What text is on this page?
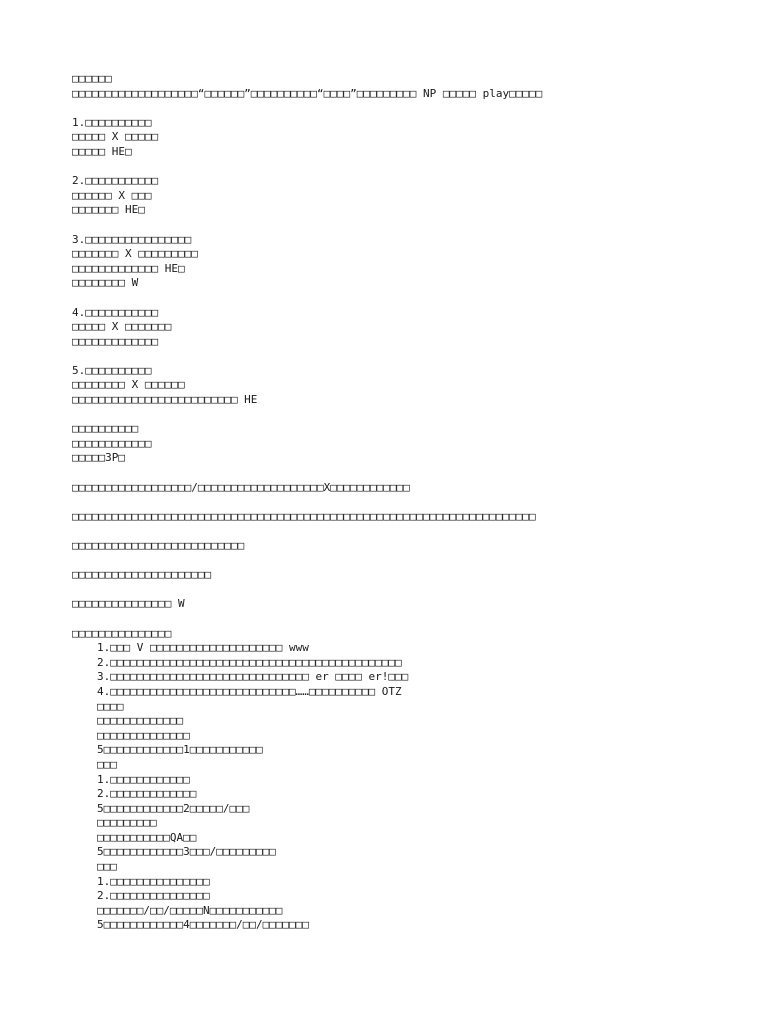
□□□□□□
□□□□□□□□□□□□□□□□□□□“□□□□□□”□□□□□□□□□□“□□□□”□□□□□□□□□ NP □□□□□ play□□□□□
1.□□□□□□□□□□
□□□□□ X □□□□□
□□□□□ HE□
2.□□□□□□□□□□□
□□□□□□ X □□□
□□□□□□□ HE□
3.□□□□□□□□□□□□□□□□
□□□□□□□ X □□□□□□□□□
□□□□□□□□□□□□□ HE□
□□□□□□□□ W
4.□□□□□□□□□□□
□□□□□ X □□□□□□□
□□□□□□□□□□□□□
5.□□□□□□□□□□
□□□□□□□□ X □□□□□□
□□□□□□□□□□□□□□□□□□□□□□□□□ HE
□□□□□□□□□□
□□□□□□□□□□□□
□□□□□3P□
□□□□□□□□□□□□□□□□□□/□□□□□□□□□□□□□□□□□□□X□□□□□□□□□□□□
□□□□□□□□□□□□□□□□□□□□□□□□□□□□□□□□□□□□□□□□□□□□□□□□□□□□□□□□□□□□□□□□□□□□□□
□□□□□□□□□□□□□□□□□□□□□□□□□□
□□□□□□□□□□□□□□□□□□□□□
□□□□□□□□□□□□□□□ W
□□□□□□□□□□□□□□□
1.□□□ V □□□□□□□□□□□□□□□□□□□□ www
2.□□□□□□□□□□□□□□□□□□□□□□□□□□□□□□□□□□□□□□□□□□□□
3.□□□□□□□□□□□□□□□□□□□□□□□□□□□□□□ er □□□□ er!□□□
4.□□□□□□□□□□□□□□□□□□□□□□□□□□□□……□□□□□□□□□□ OTZ
□□□□
□□□□□□□□□□□□□
□□□□□□□□□□□□□□
5□□□□□□□□□□□□1□□□□□□□□□□□
□□□
1.□□□□□□□□□□□□
2.□□□□□□□□□□□□□
5□□□□□□□□□□□□2□□□□□/□□□
□□□□□□□□□
□□□□□□□□□□□QA□□
5□□□□□□□□□□□□3□□□/□□□□□□□□□
□□□
1.□□□□□□□□□□□□□□□
2.□□□□□□□□□□□□□□□
□□□□□□□/□□/□□□□□N□□□□□□□□□□□
5□□□□□□□□□□□□4□□□□□□□/□□/□□□□□□□
